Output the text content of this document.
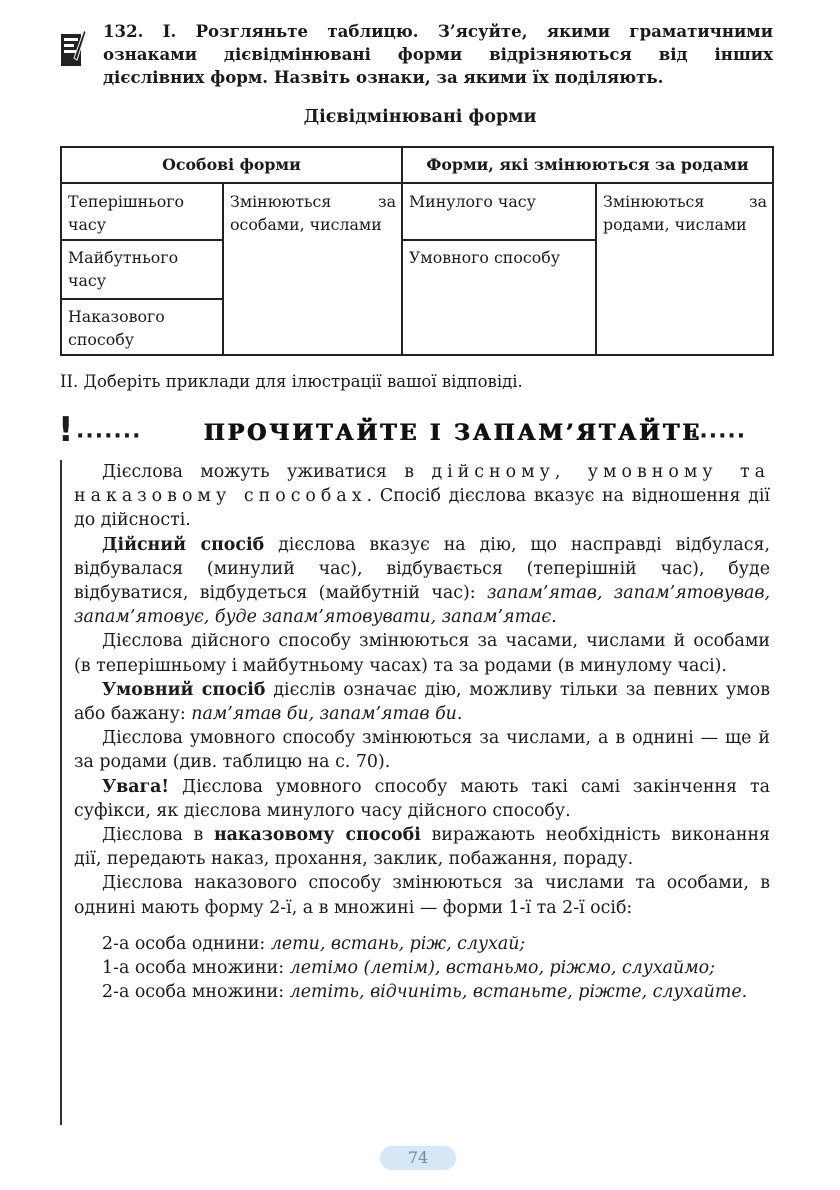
132. І. Розгляньте таблицю. З’ясуйте, якими граматичними ознаками дієвідмінювані форми відрізняються від інших дієслівних форм. Назвіть ознаки, за якими їх поділяють.
Дієвідмінювані форми
Особові форми	Форми, які змінюються за родами
Теперішнього часу
Майбутнього часу
Наказового способу
Змінюються за особами, числами
Минулого часу
Умовного способу
Змінюються за родами, числами
ІІ. Доберіть приклади для ілюстрації вашої відповіді.
! ·······	ПРОЧИТАЙТЕ І ЗАПАМ’ЯТАЙТЕ
······

Дієслова можуть уживатися в дійсному, умовному та наказовому способах. Спосіб дієслова вказує на відношення дії до дійсності.

Дійсний спосіб дієслова вказує на дію, що насправді відбулася, відбувалася (минулий час), відбувається (теперішній час), буде відбуватися, відбудеться (майбутній час): запам’ятав, запам’ятовував, запам’ятовує, буде запам’ятовувати, запам’ятає.

Дієслова дійсного способу змінюються за часами, числами й особами (в теперішньому і майбутньому часах) та за родами (в минулому часі).

Умовний спосіб дієслів означає дію, можливу тільки за певних умов або бажану: пам’ятав би, запам’ятав би.

Дієслова умовного способу змінюються за числами, а в однині — ще й за родами (див. таблицю на с. 70).

Увага! Дієслова умовного способу мають такі самі закінчення та суфікси, як дієслова минулого часу дійсного способу.

Дієслова в наказовому способі виражають необхідність виконання дії, передають наказ, прохання, заклик, побажання, пораду.

Дієслова наказового способу змінюються за числами та особами, в однині мають форму 2-ї, а в множині — форми 1-ї та 2-ї осіб:

2-а особа однини: лети, встань, ріж, слухай;

1-а особа множини: летімо (летім), встаньмо, ріжмо, слухаймо;

2-а особа множини: летіть, відчиніть, встаньте, ріжте, слухайте.

74
